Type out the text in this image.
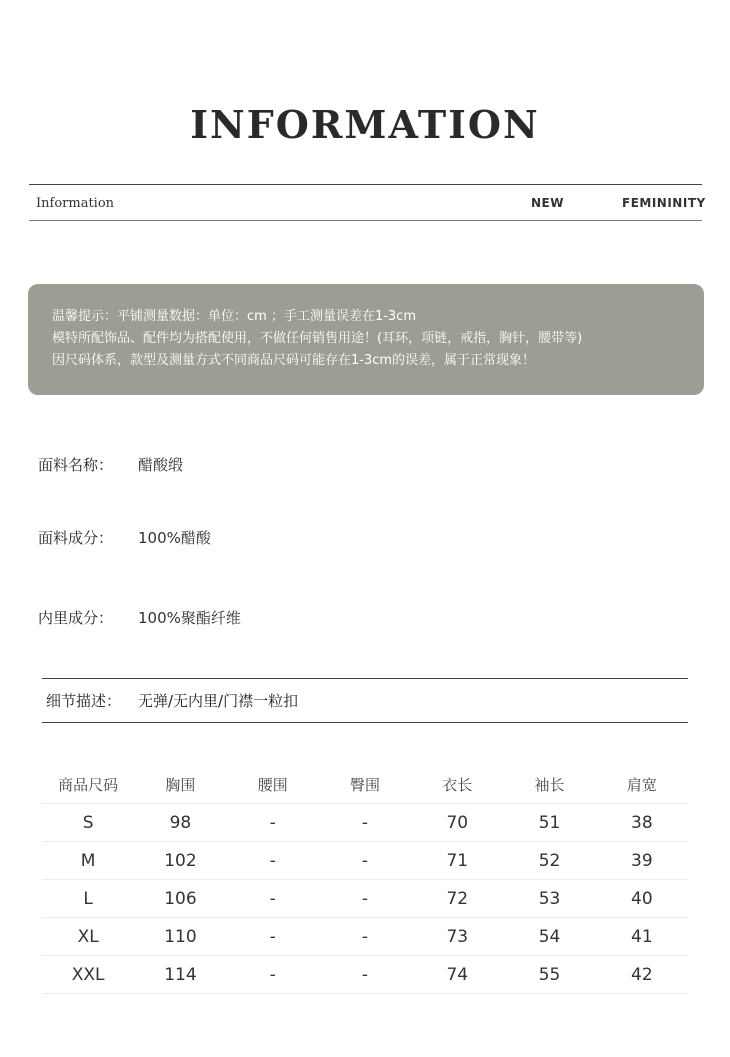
INFORMATION
Information	NEW	FEMININITY

温馨提示：平铺测量数据：单位：cm ；手工测量误差在1-3cm

模特所配饰品、配件均为搭配使用，不做任何销售用途！(耳环，项链，戒指，胸针，腰带等)

因尺码体系，款型及测量方式不同商品尺码可能存在1-3cm的误差，属于正常现象！

面料名称： 醋酸缎
面料成分： 100%醋酸
内里成分： 100%聚酯纤维
细节描述： 无弹/无内里/门襟一粒扣
商品尺码	胸围	腰围	臀围	衣长	袖长	肩宽
S	98	-	-	70	51	38
M	102	-	-	71	52	39
L	106	-	-	72	53	40
XL	110	-	-	73	54	41
XXL	114	-	-	74	55	42
